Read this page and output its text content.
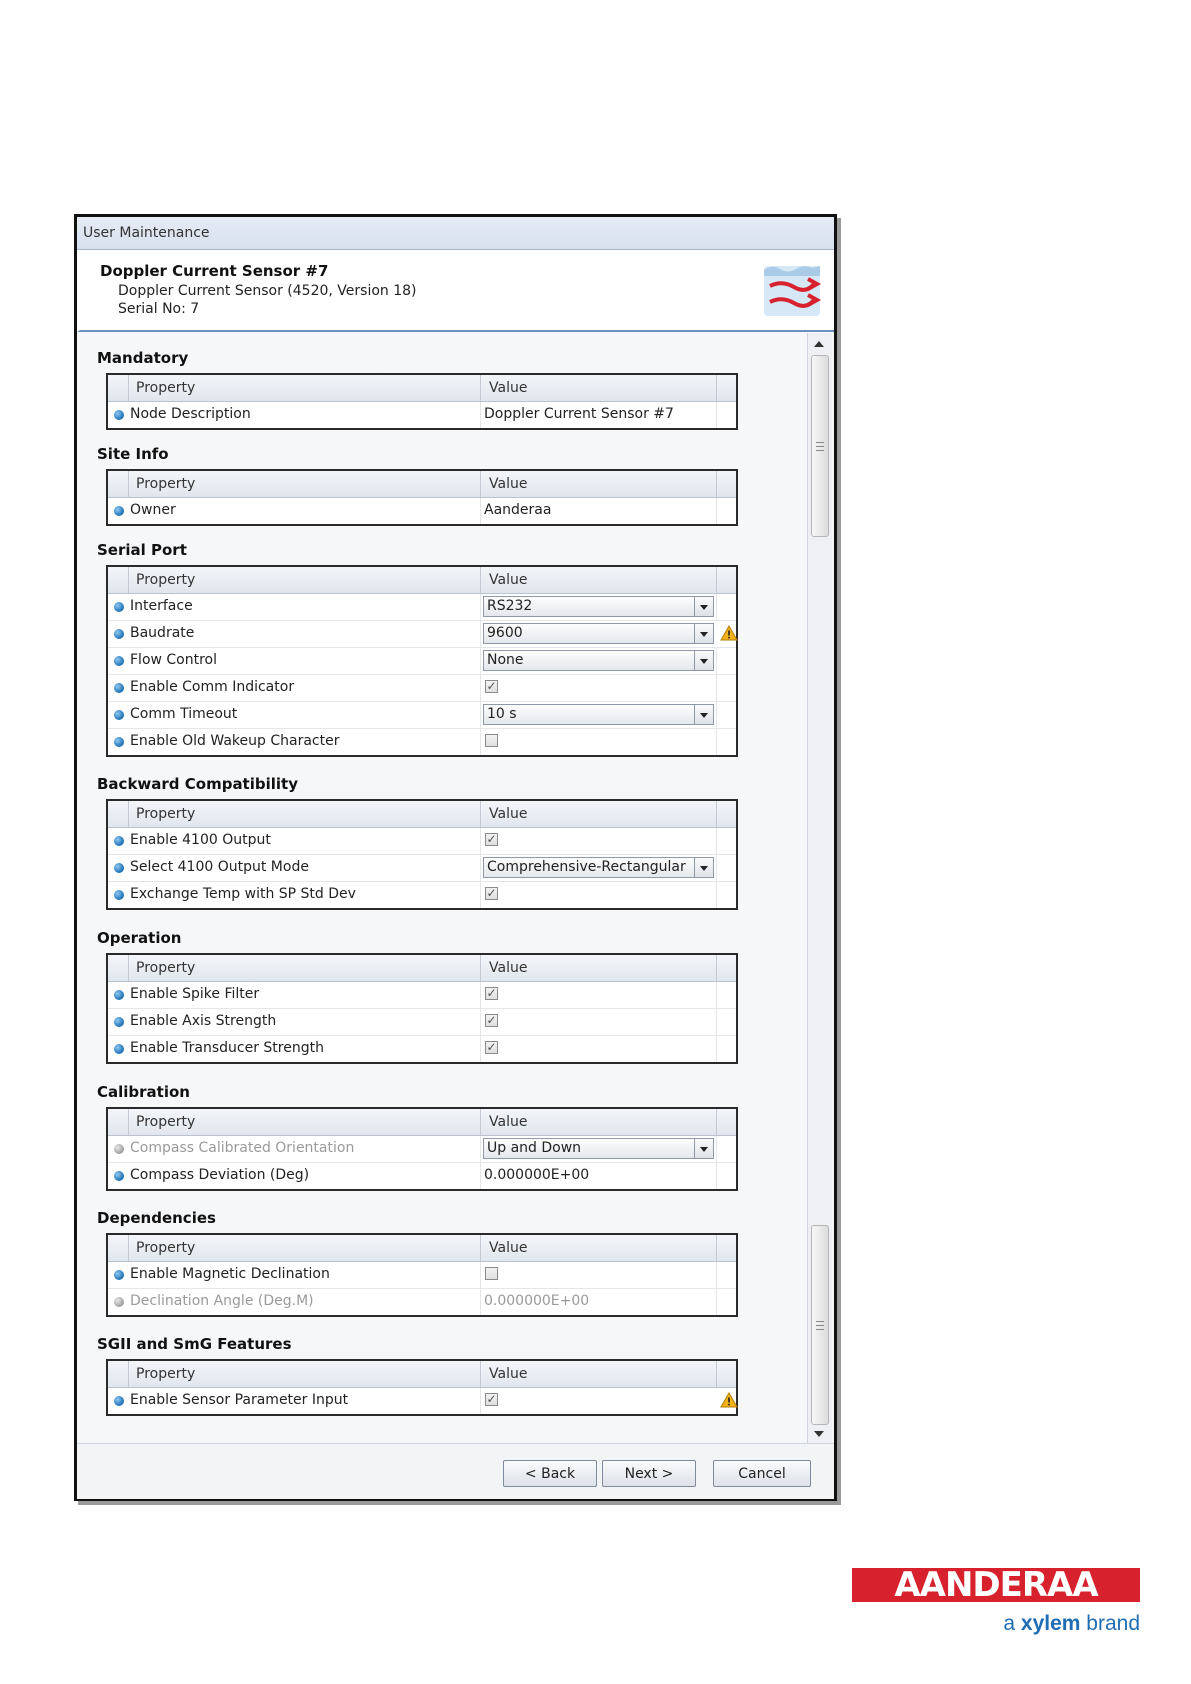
User Maintenance
Doppler Current Sensor #7
Doppler Current Sensor (4520, Version 18)
Serial No: 7
Mandatory
Property	Value
Node Description	Doppler Current Sensor #7
Site Info
Property	Value
Owner	Aanderaa
Serial Port
Property	Value
Interface	RS232
Baudrate	9600
Flow Control	None
Enable Comm Indicator	✓
Comm Timeout	10 s
Enable Old Wakeup Character
Backward Compatibility
Property	Value
Enable 4100 Output	✓
Select 4100 Output Mode	Comprehensive-Rectangular
Exchange Temp with SP Std Dev	✓
Operation
Property	Value
Enable Spike Filter	✓
Enable Axis Strength	✓
Enable Transducer Strength	✓
Calibration
Property	Value
Compass Calibrated Orientation	Up and Down
Compass Deviation (Deg)	0.000000E+00
Dependencies
Property	Value
Enable Magnetic Declination
Declination Angle (Deg.M)	0.000000E+00
SGII and SmG Features
Property	Value
Enable Sensor Parameter Input	✓
< Back	Next >	Cancel
AANDERAA
a xylem brand
